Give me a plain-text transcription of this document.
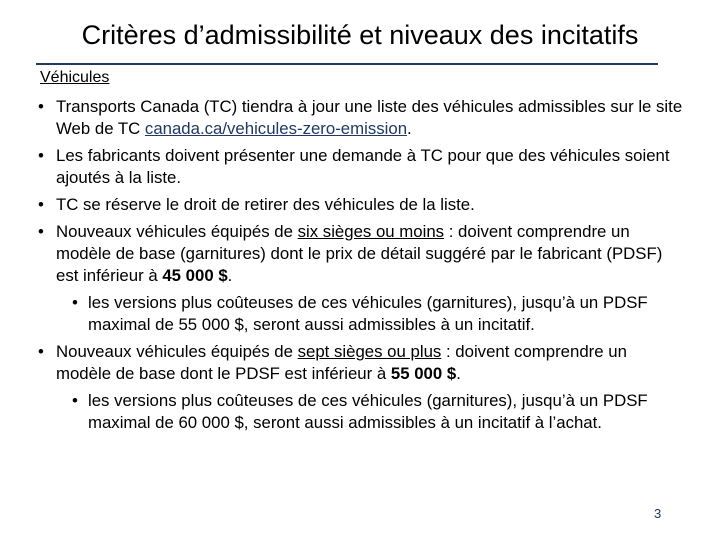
Critères d’admissibilité et niveaux des incitatifs
Véhicules
• Transports Canada (TC) tiendra à jour une liste des véhicules admissibles sur le site Web de TC canada.ca/vehicules-zero-emission.
• Les fabricants doivent présenter une demande à TC pour que des véhicules soient ajoutés à la liste.
• TC se réserve le droit de retirer des véhicules de la liste.
• Nouveaux véhicules équipés de six sièges ou moins : doivent comprendre un modèle de base (garnitures) dont le prix de détail suggéré par le fabricant (PDSF) est inférieur à 45 000 $.
• les versions plus coûteuses de ces véhicules (garnitures), jusqu’à un PDSF maximal de 55 000 $, seront aussi admissibles à un incitatif.
• Nouveaux véhicules équipés de sept sièges ou plus : doivent comprendre un modèle de base dont le PDSF est inférieur à 55 000 $.
• les versions plus coûteuses de ces véhicules (garnitures), jusqu’à un PDSF maximal de 60 000 $, seront aussi admissibles à un incitatif à l’achat.
3
